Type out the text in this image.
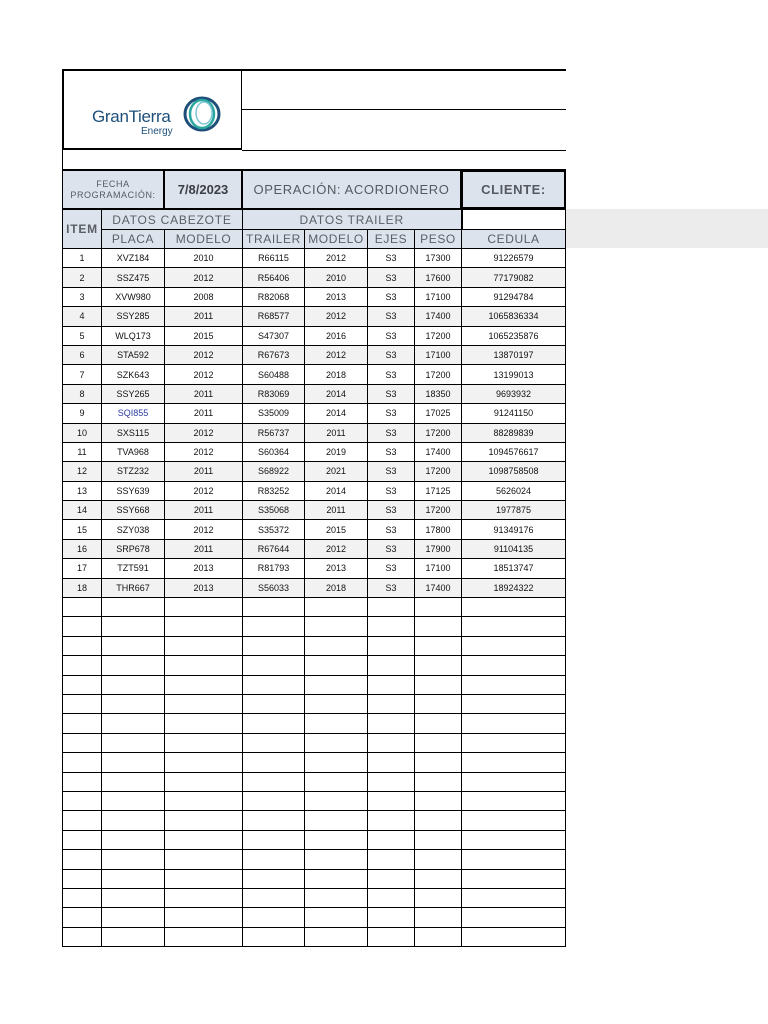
GranTierra
Energy
FECHA PROGRAMACIÓN:	7/8/2023	OPERACIÓN: ACORDIONERO	CLIENTE:
ITEM	DATOS CABEZOTE		DATOS TRAILER				
	PLACA	MODELO	TRAILER	MODELO	EJES	PESO	CEDULA
1	XVZ184	2010	R66115	2012	S3	17300	91226579
2	SSZ475	2012	R56406	2010	S3	17600	77179082
3	XVW980	2008	R82068	2013	S3	17100	91294784
4	SSY285	2011	R68577	2012	S3	17400	1065836334
5	WLQ173	2015	S47307	2016	S3	17200	1065235876
6	STA592	2012	R67673	2012	S3	17100	13870197
7	SZK643	2012	S60488	2018	S3	17200	13199013
8	SSY265	2011	R83069	2014	S3	18350	9693932
9	SQI855	2011	S35009	2014	S3	17025	91241150
10	SXS115	2012	R56737	2011	S3	17200	88289839
11	TVA968	2012	S60364	2019	S3	17400	1094576617
12	STZ232	2011	S68922	2021	S3	17200	1098758508
13	SSY639	2012	R83252	2014	S3	17125	5626024
14	SSY668	2011	S35068	2011	S3	17200	1977875
15	SZY038	2012	S35372	2015	S3	17800	91349176
16	SRP678	2011	R67644	2012	S3	17900	91104135
17	TZT591	2013	R81793	2013	S3	17100	18513747
18	THR667	2013	S56033	2018	S3	17400	18924322
